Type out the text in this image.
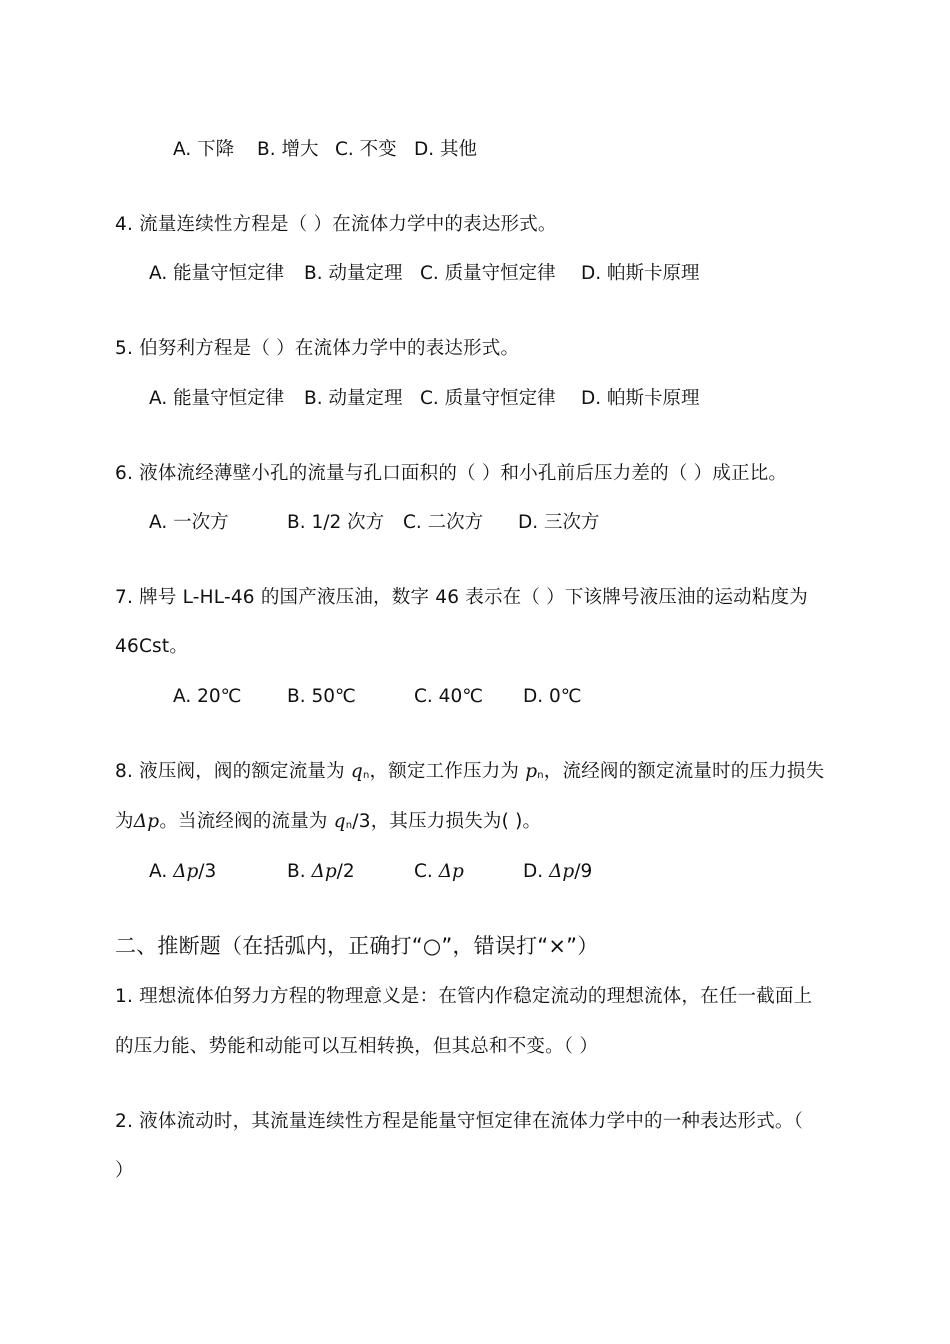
A. 下降 B. 增大 C. 不变 D. 其他
4. 流量连续性方程是（ ）在流体力学中的表达形式。
A. 能量守恒定律 B. 动量定理 C. 质量守恒定律 D. 帕斯卡原理
5. 伯努利方程是（ ）在流体力学中的表达形式。
A. 能量守恒定律 B. 动量定理 C. 质量守恒定律 D. 帕斯卡原理
6. 液体流经薄壁小孔的流量与孔口面积的（ ）和小孔前后压力差的（ ）成正比。
A. 一次方	B. 1/2 次方 C. 二次方 D. 三次方
7. 牌号 L-HL-46 的国产液压油，数字 46 表示在（ ）下该牌号液压油的运动粘度为
46Cst。
A. 20℃ B. 50℃	C. 40℃ D. 0℃
8. 液压阀，阀的额定流量为 $q_n$，额定工作压力为 $p_n$，流经阀的额定流量时的压力损失
为Δp。当流经阀的流量为 $q_n/3$，其压力损失为( )。
A. Δp/3	B. Δp/2	C. Δp	D. Δp/9
二、推断题（在括弧内，正确打“○”，错误打“×”）
1. 理想流体伯努力方程的物理意义是：在管内作稳定流动的理想流体，在任一截面上
的压力能、势能和动能可以互相转换，但其总和不变。（ ）
2. 液体流动时，其流量连续性方程是能量守恒定律在流体力学中的一种表达形式。（
）
